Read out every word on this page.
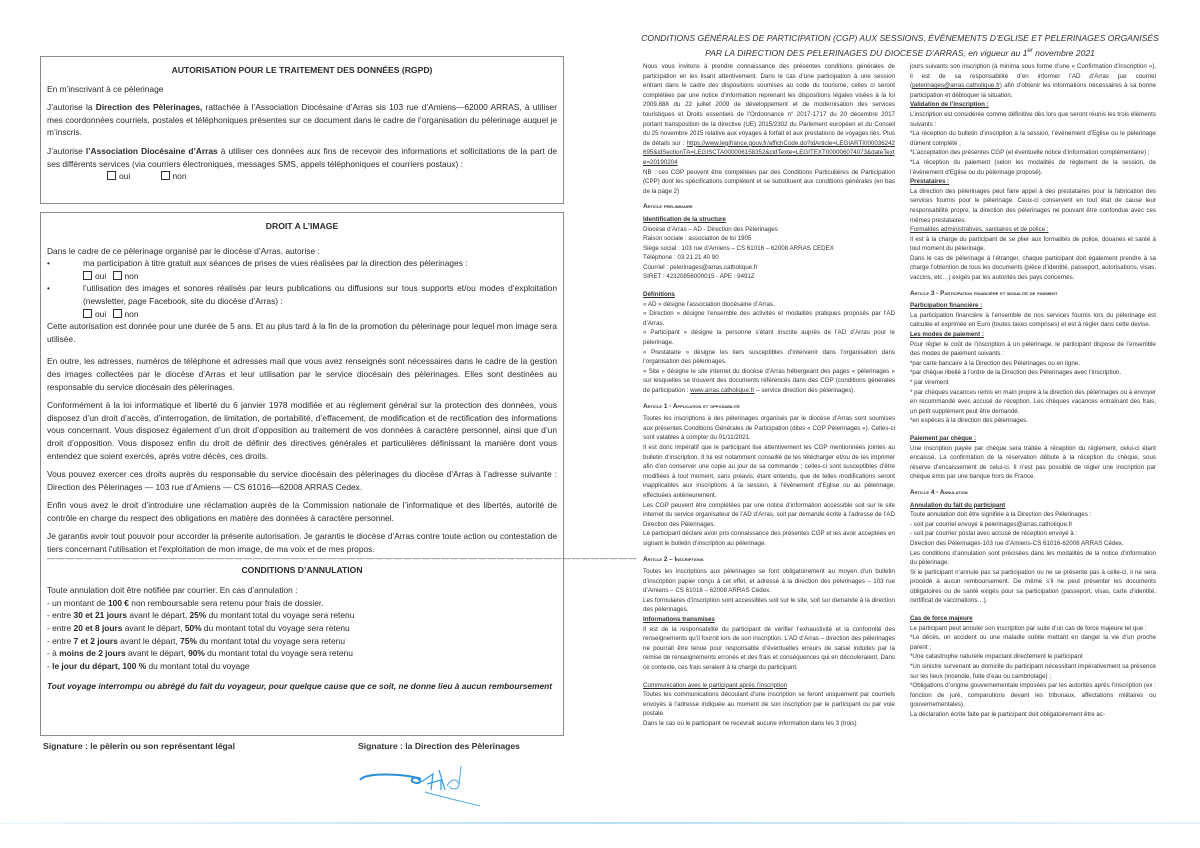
AUTORISATION POUR LE TRAITEMENT DES DONNÉES (RGPD)

En m’inscrivant à ce pèlerinage

J’autorise la Direction des Pèlerinages, rattachée à l’Association Diocésaine d’Arras sis 103 rue d’Amiens—62000 ARRAS, à utiliser mes coordonnées courriels, postales et téléphoniques présentes sur ce document dans le cadre de l’organisation du pèlerinage auquel je m’inscris.

J’autorise l’Association Diocésaine d’Arras à utiliser ces données aux fins de recevoir des informations et sollicitations de la part de ses différents services (via courriers électroniques, messages SMS, appels téléphoniques et courriers postaux) :

oui	non
DROIT A L’IMAGE

Dans le cadre de ce pèlerinage organisé par le diocèse d’Arras, autorise :

•	ma participation à titre gratuit aux séances de prises de vues réalisées par la direction des pèlerinages :
oui non
•	l’utilisation des images et sonores réalisés par leurs publications ou diffusions sur tous supports et/ou modes d’exploitation (newsletter, page Facebook, site du diocèse d’Arras) :
oui non

Cette autorisation est donnée pour une durée de 5 ans. Et au plus tard à la fin de la promotion du pèlerinage pour lequel mon image sera utilisée.

En outre, les adresses, numéros de téléphone et adresses mail que vous avez renseignés sont nécessaires dans le cadre de la gestion des images collectées par le diocèse d’Arras et leur utilisation par le service diocésain des pèlerinages. Elles sont destinées au responsable du service diocésain des pèlerinages.

Conformément à la loi informatique et liberté du 6 janvier 1978 modifiée et au règlement général sur la protection des données, vous disposez d’un droit d’accès, d’interrogation, de limitation, de portabilité, d’effacement, de modification et de rectification des informations vous concernant. Vous disposez également d’un droit d’opposition au traitement de vos données à caractère personnel, ainsi que d’un droit d’opposition. Vous disposez enfin du droit de définir des directives générales et particulières définissant la manière dont vous entendez que soient exercés, après votre décès, ces droits.

Vous pouvez exercer ces droits auprès du responsable du service diocésain des pèlerinages du diocèse d’Arras à l’adresse suivante : Direction des Pèlerinages — 103 rue d’Amiens — CS 61016—62008 ARRAS Cedex.

Enfin vous avez le droit d’introduire une réclamation auprès de la Commission nationale de l’informatique et des libertés, autorité de contrôle en charge du respect des obligations en matière des données à caractère personnel.

Je garantis avoir tout pouvoir pour accorder la présente autorisation. Je garantis le diocèse d’Arras contre toute action ou contestation de tiers concernant l'utilisation et l'exploitation de mon image, de ma voix et de mes propos.

———————————————————————————————————————————————————————————————
CONDITIONS D’ANNULATION
Toute annulation doit être notifiée par courrier. En cas d’annulation :
- un montant de 100 € non remboursable sera retenu pour frais de dossier.
- entre 30 et 21 jours avant le départ, 25% du montant total du voyage sera retenu
- entre 20 et 8 jours avant le départ, 50% du montant total du voyage sera retenu
- entre 7 et 2 jours avant le départ, 75% du montant total du voyage sera retenu
- à moins de 2 jours avant le départ, 90% du montant total du voyage sera retenu
- le jour du départ, 100 % du montant total du voyage
Tout voyage interrompu ou abrégé du fait du voyageur, pour quelque cause que ce soit, ne donne lieu à aucun remboursement
Signature : le pèlerin ou son représentant légal	Signature : la Direction des Pèlerinages
CONDITIONS GÉNÉRALES DE PARTICIPATION (CGP) AUX SESSIONS, ÉVÉNEMENTS D’EGLISE ET PELERINAGES ORGANISÉS
PAR LA DIRECTION DES PELERINAGES DU DIOCESE D’ARRAS, en vigueur au 1er novembre 2021

Nous vous invitons à prendre connaissance des présentes conditions générales de participation en les lisant attentivement. Dans le cas d’une participation à une session entrant dans le cadre des dispositions soumises au code du tourisme, celles ci seront complétées par une notice d’information reprenant les dispositions légales visées à la loi 2009.888 du 22 juillet 2009 de développement et de modernisation des services touristiques et Droits essentiels de l’Ordonnance n° 2017-1717 du 20 décembre 2017 portant transposition de la directive (UE) 2015/2302 du Parlement européen et du Conseil du 25 novembre 2015 relative aux voyages à forfait et aux prestations de voyages liés. Plus de détails sur : https://www.legifrance.gouv.fr/affichCode.do?idArticle=LEGIARTI000036242695&idSectionTA=LEGISCTA000006158352&cidTexte=LEGITEXT000006074073&dateTexte=20190204

NB : ces CGP peuvent être complétées par des Conditions Particulières de Participation (CPP) dont les spécifications complètent et se substituent aux conditions générales (en bas de la page 2)

Article préliminaire

Identification de la structure

Diocèse d’Arras – AD - Direction des Pèlerinages

Raison sociale : association de loi 1905

Siège social : 103 rue d’Amiens – CS 61016 – 62008 ARRAS CEDEX

Téléphone : 03 21 21 40 90

Courriel : pelerinages@arras.catholique.fr

SIRET : 42320856000015 - APE : 9491Z

Définitions

« AD » désigne l’association diocésaine d’Arras.

« Direction » désigne l’ensemble des activités et modalités pratiques proposés par l’AD d’Arras.

« Participant » désigne la personne s’étant inscrite auprès de l’AD d’Arras pour le pèlerinage.

« Prestataire » désigne les tiers susceptibles d’intervenir dans l’organisation dans l’organisation des pèlerinages.

« Site » désigne le site internet du diocèse d’Arras hébergeant des pages « pèlerinages » sur lesquelles se trouvent des documents référencés dans des CGP (conditions générales de participation : www.arras.catholique.fr – service direction des pèlerinages).

Article 1 - Application et opposabilité

Toutes les inscriptions à des pèlerinages organisés par le diocèse d’Arras sont soumises aux présentes Conditions Générales de Participation (dites « CGP Pèlerinages »). Celles-ci sont valables à compter du 01/11/2021.

Il est donc impératif que le participant lise attentivement les CGP mentionnées jointes au bulletin d’inscription. Il lui est notamment conseillé de les télécharger et/ou de les imprimer afin d’en conserver une copie au jour de sa commande ; celles-ci sont susceptibles d’être modifiées à tout moment, sans préavis, étant entendu, que de telles modifications seront inapplicables aux inscriptions à la session, à l’évènement d’Eglise ou au pèlerinage, effectuées antérieurement.

Les CGP peuvent être complétées par une notice d’information accessible soit sur le site internet du service organisateur de l’AD d’Arras, soit par demande écrite à l’adresse de l’AD Direction des Pèlerinages.

Le participant déclare avoir pris connaissance des présentes CGP et les avoir acceptées en signant le bulletin d’inscription au pèlerinage.

Article 2 – Inscriptions

Toutes les inscriptions aux pèlerinages se font obligatoirement au moyen d’un bulletin d’inscription papier conçu à cet effet, et adressé à la direction des pèlerinages – 103 rue d’Amiens – CS 61016 – 62008 ARRAS Cédex.

Les formulaires d’inscription sont accessibles soit sur le site, soit sur demande à la direction des pèlerinages.

Informations transmises

Il est de la responsabilité du participant de vérifier l’exhaustivité et la conformité des renseignements qu’il fournit lors de son inscription. L’AD d’Arras – direction des pèlerinages ne pourrait être tenue pour responsable d’éventuelles erreurs de saisie induites par la remise de renseignements erronés et des frais et conséquences qui en découleraient. Dans ce contexte, ces frais seraient à la charge du participant.

Communication avec le participant après l’inscription

Toutes les communications découlant d’une inscription se feront uniquement par courriels envoyés à l’adresse indiquée au moment de son inscription par le participant ou par voie postale.

Dans le cas où le participant ne recevrait aucune information dans les 3 (trois)

jours suivants son inscription (à minima sous forme d’une « Confirmation d’inscription »), il est de sa responsabilité d’en informer l’AD d’Arras par courriel (pelerinages@arras.catholique.fr) afin d’obtenir les informations nécessaires à sa bonne participation et débloquer la situation.

Validation de l’inscription :

L’inscription est considérée comme définitive dès lors que seront réunis les trois éléments suivants :

*La réception du bulletin d’inscription à la session, l’évènement d’Eglise ou le pèlerinage dûment complété ;

*L’acceptation des présentes CGP (et éventuelle notice d’information complémentaire) ;

*La réception du paiement (selon les modalités de règlement de la session, de l’évènement d’Eglise ou du pèlerinage proposé).

Prestataires :

La direction des pèlerinages peut faire appel à des prestataires pour la fabrication des services fournis pour le pèlerinage. Ceux-ci conservent en tout état de cause leur responsabilité propre, la direction des pèlerinages ne pouvant être confondue avec ces mêmes prestataires.

Formalités administratives, sanitaires et de police :

Il est à la charge du participant de se plier aux formalités de police, douanes et santé à tout moment du pèlerinage.

Dans le cas de pèlerinage à l’étranger, chaque participant doit également prendre à sa charge l’obtention de tous les documents (pièce d’identité, passeport, autorisations, visas, vaccins, etc…) exigés par les autorités des pays concernés.

Article 3 - Participation financière et modalité de paiement

Participation financière :

La participation financière à l’ensemble de nos services fournis lors du pèlerinage est calculée et exprimée en Euro (toutes taxes comprises) et est à régler dans cette devise.

Les modes de paiement :

Pour régler le coût de l’inscription à un pèlerinage, le participant dispose de l’ensemble des modes de paiement suivants :

*par carte bancaire à la Direction des Pèlerinages ou en ligne,

*par chèque libellé à l’ordre de la Direction des Pèlerinages avec l’inscription.

* par virement

* par chèques vacances remis en main propre à la direction des pèlerinages ou à envoyer en recommandé avec accusé de réception. Les chèques vacances entraînant des frais, un petit supplément peut être demandé.

*en espèces à la direction des pèlerinages.

Paiement par chèque :

Une inscription payée par chèque sera traitée à réception du règlement, celui-ci étant encaissé. La confirmation de la réservation débute à la réception du chèque, sous réserve d’encaissement de celui-ci. Il n’est pas possible de régler une inscription par chèque émis par une banque hors de France.

Article 4 - Annulation

Annulation du fait du participant

Toute annulation doit être signifiée à la Direction des Pèlerinages :

- soit par courriel envoyé à pelerinages@arras.catholique.fr

- soit par courrier postal avec accusé de réception envoyé à :

Direction des Pèlerinages-103 rue d’Amiens-CS 61016-62008 ARRAS Cédex.

Les conditions d’annulation sont précisées dans les modalités de la notice d’information du pèlerinage.

Si le participant n’annule pas sa participation ou ne se présente pas à celle-ci, il ne sera procédé à aucun remboursement. De même s’il ne peut présenter les documents obligatoires ou de santé exigés pour sa participation (passeport, visas, carte d’identité, certificat de vaccinations…).

Cas de force majeure

Le participant peut annuler son inscription par suite d’un cas de force majeure tel que :

*Le décès, un accident ou une maladie subite mettant en danger la vie d’un proche parent ;

*Une catastrophe naturelle impactant directement le participant

*Un sinistre survenant au domicile du participant nécessitant impérativement sa présence sur les lieux (incendie, fuite d’eau ou cambriolage) ;

*Obligations d’origine gouvernementale imposées par les autorités après l’inscription (ex : fonction de juré, comparutions devant les tribunaux, affectations militaires ou gouvernementales).

La déclaration écrite faite par le participant doit obligatoirement être ac-
